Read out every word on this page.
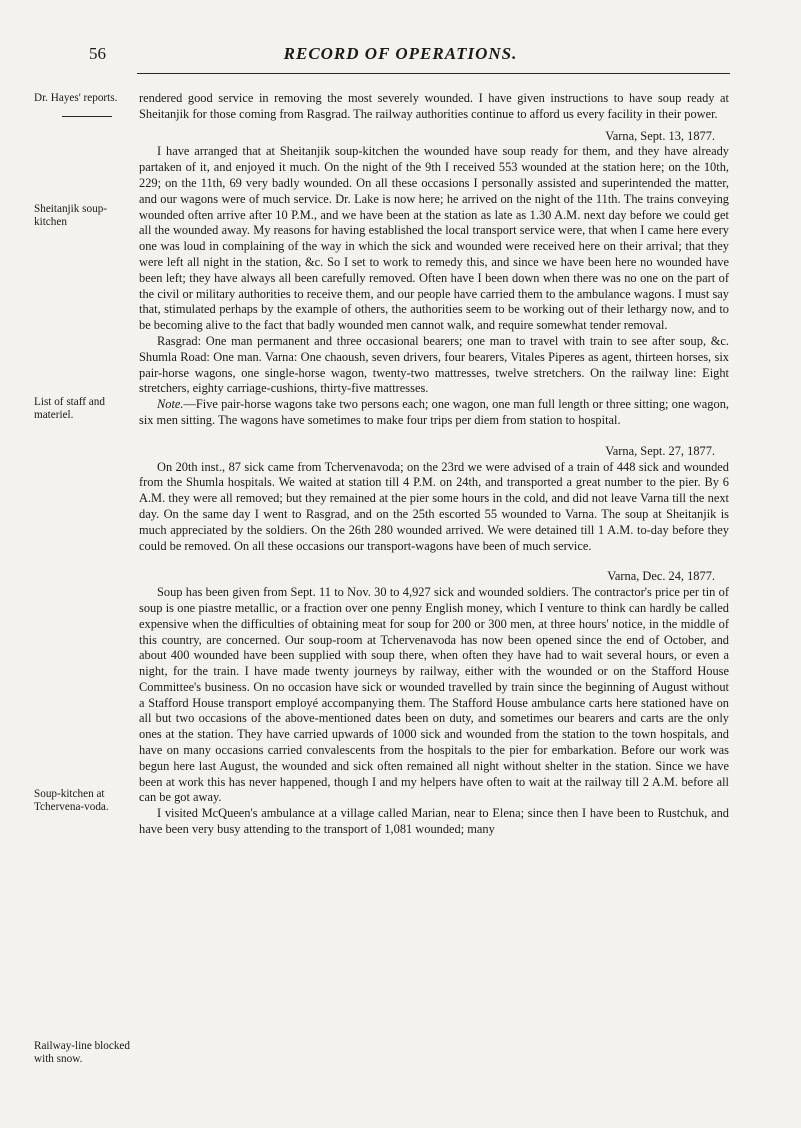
56	RECORD OF OPERATIONS.
Dr. Hayes' reports.
Sheitanjik soup-kitchen
List of staff and materiel.
Soup-kitchen at Tchervena-voda.
Railway-line blocked with snow.

rendered good service in removing the most severely wounded. I have given instructions to have soup ready at Sheitanjik for those coming from Rasgrad. The railway authorities continue to afford us every facility in their power.

Varna, Sept. 13, 1877.

I have arranged that at Sheitanjik soup-kitchen the wounded have soup ready for them, and they have already partaken of it, and enjoyed it much. On the night of the 9th I received 553 wounded at the station here; on the 10th, 229; on the 11th, 69 very badly wounded. On all these occasions I personally assisted and superintended the matter, and our wagons were of much service. Dr. Lake is now here; he arrived on the night of the 11th. The trains conveying wounded often arrive after 10 P.M., and we have been at the station as late as 1.30 A.M. next day before we could get all the wounded away. My reasons for having established the local transport service were, that when I came here every one was loud in complaining of the way in which the sick and wounded were received here on their arrival; that they were left all night in the station, &c. So I set to work to remedy this, and since we have been here no wounded have been left; they have always all been carefully removed. Often have I been down when there was no one on the part of the civil or military authorities to receive them, and our people have carried them to the ambulance wagons. I must say that, stimulated perhaps by the example of others, the authorities seem to be working out of their lethargy now, and to be becoming alive to the fact that badly wounded men cannot walk, and require somewhat tender removal.

Rasgrad: One man permanent and three occasional bearers; one man to travel with train to see after soup, &c. Shumla Road: One man. Varna: One chaoush, seven drivers, four bearers, Vitales Piperes as agent, thirteen horses, six pair-horse wagons, one single-horse wagon, twenty-two mattresses, twelve stretchers. On the railway line: Eight stretchers, eighty carriage-cushions, thirty-five mattresses.

Note.—Five pair-horse wagons take two persons each; one wagon, one man full length or three sitting; one wagon, six men sitting. The wagons have sometimes to make four trips per diem from station to hospital.

Varna, Sept. 27, 1877.

On 20th inst., 87 sick came from Tchervenavoda; on the 23rd we were advised of a train of 448 sick and wounded from the Shumla hospitals. We waited at station till 4 P.M. on 24th, and transported a great number to the pier. By 6 A.M. they were all removed; but they remained at the pier some hours in the cold, and did not leave Varna till the next day. On the same day I went to Rasgrad, and on the 25th escorted 55 wounded to Varna. The soup at Sheitanjik is much appreciated by the soldiers. On the 26th 280 wounded arrived. We were detained till 1 A.M. to-day before they could be removed. On all these occasions our transport-wagons have been of much service.

Varna, Dec. 24, 1877.

Soup has been given from Sept. 11 to Nov. 30 to 4,927 sick and wounded soldiers. The contractor's price per tin of soup is one piastre metallic, or a fraction over one penny English money, which I venture to think can hardly be called expensive when the difficulties of obtaining meat for soup for 200 or 300 men, at three hours' notice, in the middle of this country, are concerned. Our soup-room at Tchervenavoda has now been opened since the end of October, and about 400 wounded have been supplied with soup there, when often they have had to wait several hours, or even a night, for the train. I have made twenty journeys by railway, either with the wounded or on the Stafford House Committee's business. On no occasion have sick or wounded travelled by train since the beginning of August without a Stafford House transport employé accompanying them. The Stafford House ambulance carts here stationed have on all but two occasions of the above-mentioned dates been on duty, and sometimes our bearers and carts are the only ones at the station. They have carried upwards of 1000 sick and wounded from the station to the town hospitals, and have on many occasions carried convalescents from the hospitals to the pier for embarkation. Before our work was begun here last August, the wounded and sick often remained all night without shelter in the station. Since we have been at work this has never happened, though I and my helpers have often to wait at the railway till 2 A.M. before all can be got away.

I visited McQueen's ambulance at a village called Marian, near to Elena; since then I have been to Rustchuk, and have been very busy attending to the transport of 1,081 wounded; many
